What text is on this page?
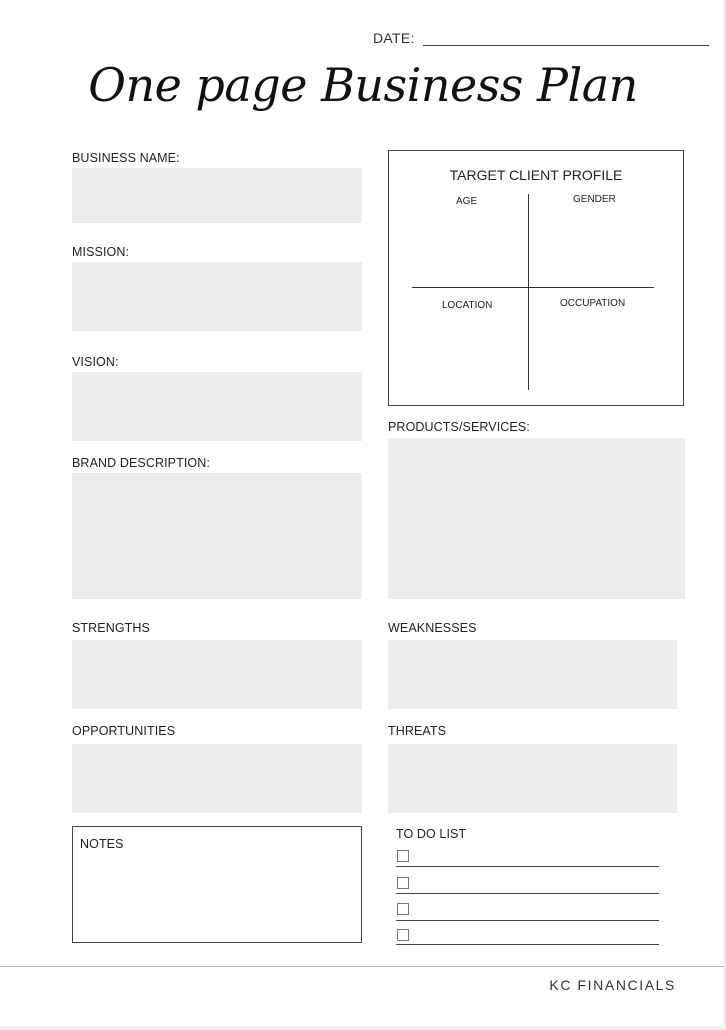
DATE:
One page Business Plan
BUSINESS NAME:
MISSION:
VISION:
BRAND DESCRIPTION:
STRENGTHS
OPPORTUNITIES
TARGET CLIENT PROFILE
AGE	GENDER
LOCATION	OCCUPATION
PRODUCTS/SERVICES:
WEAKNESSES
THREATS
NOTES
TO DO LIST
KC FINANCIALS
